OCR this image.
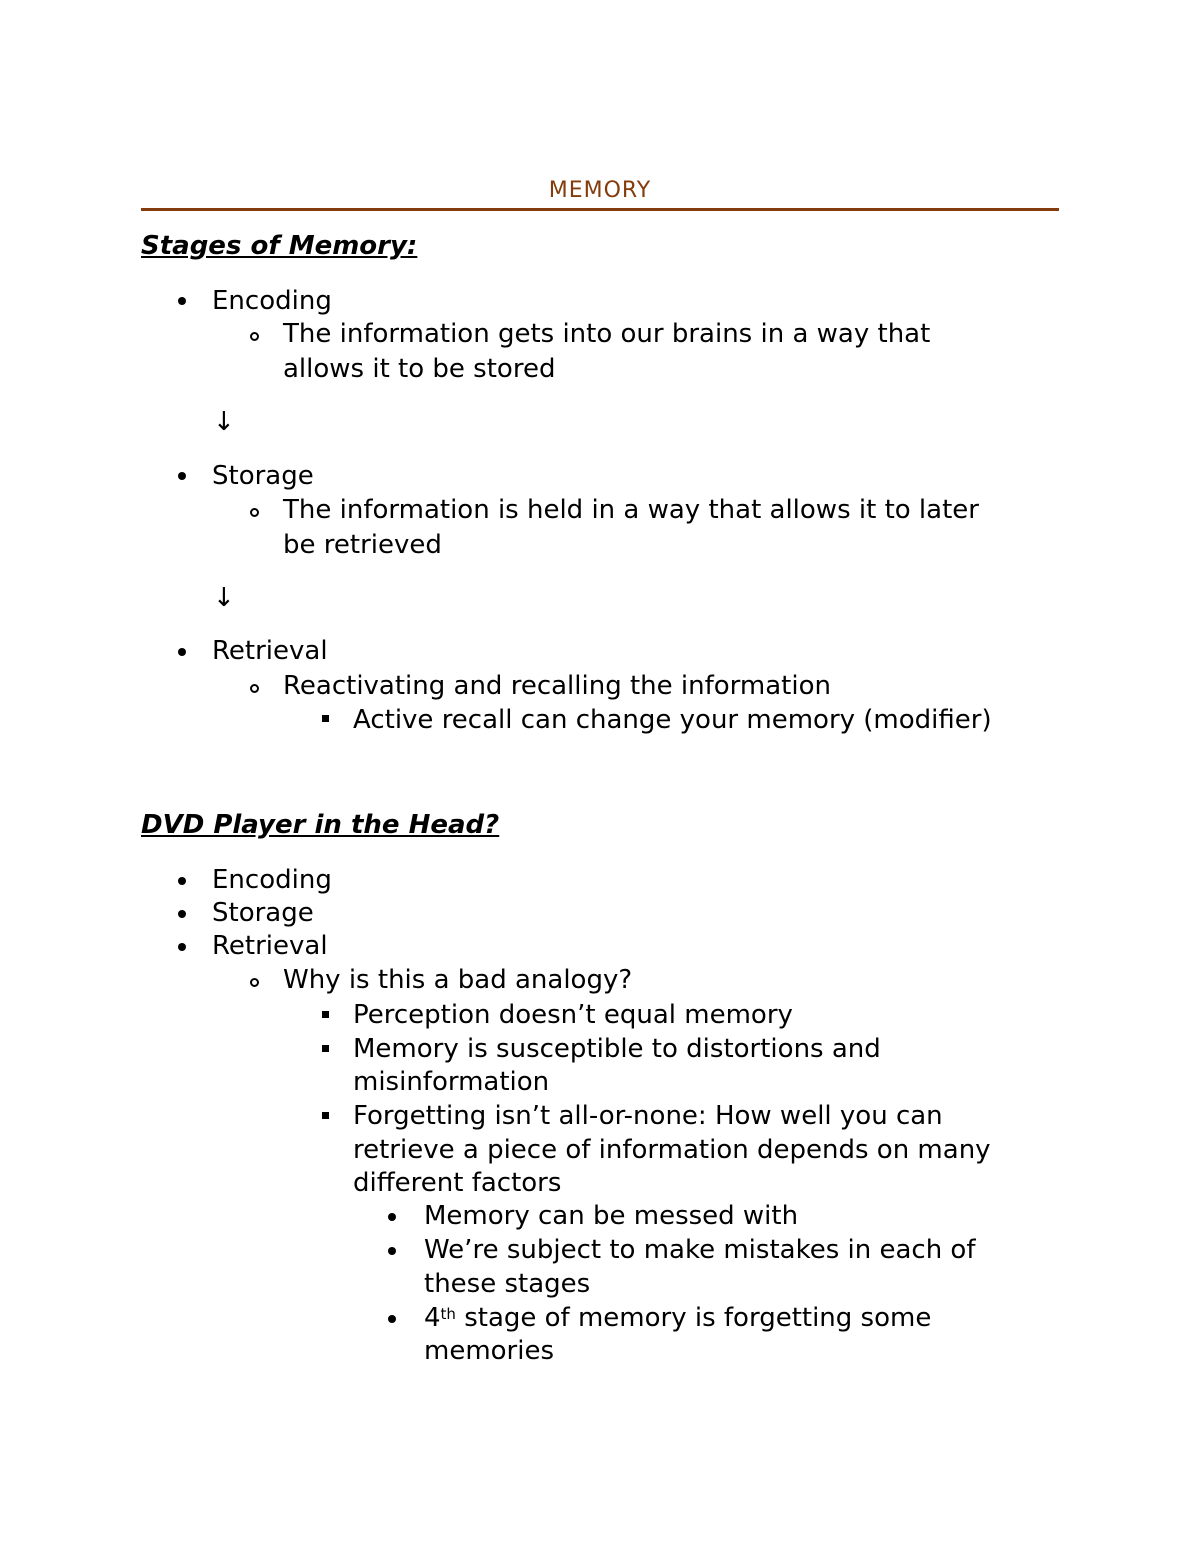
MEMORY
Stages of Memory:
Encoding
The information gets into our brains in a way that
allows it to be stored
↓
Storage
The information is held in a way that allows it to later
be retrieved
↓
Retrieval
Reactivating and recalling the information
Active recall can change your memory (modifier)
DVD Player in the Head?
Encoding
Storage
Retrieval
Why is this a bad analogy?
Perception doesn’t equal memory
Memory is susceptible to distortions and
misinformation
Forgetting isn’t all-or-none: How well you can
retrieve a piece of information depends on many
different factors
Memory can be messed with
We’re subject to make mistakes in each of
these stages
4th stage of memory is forgetting some
memories
